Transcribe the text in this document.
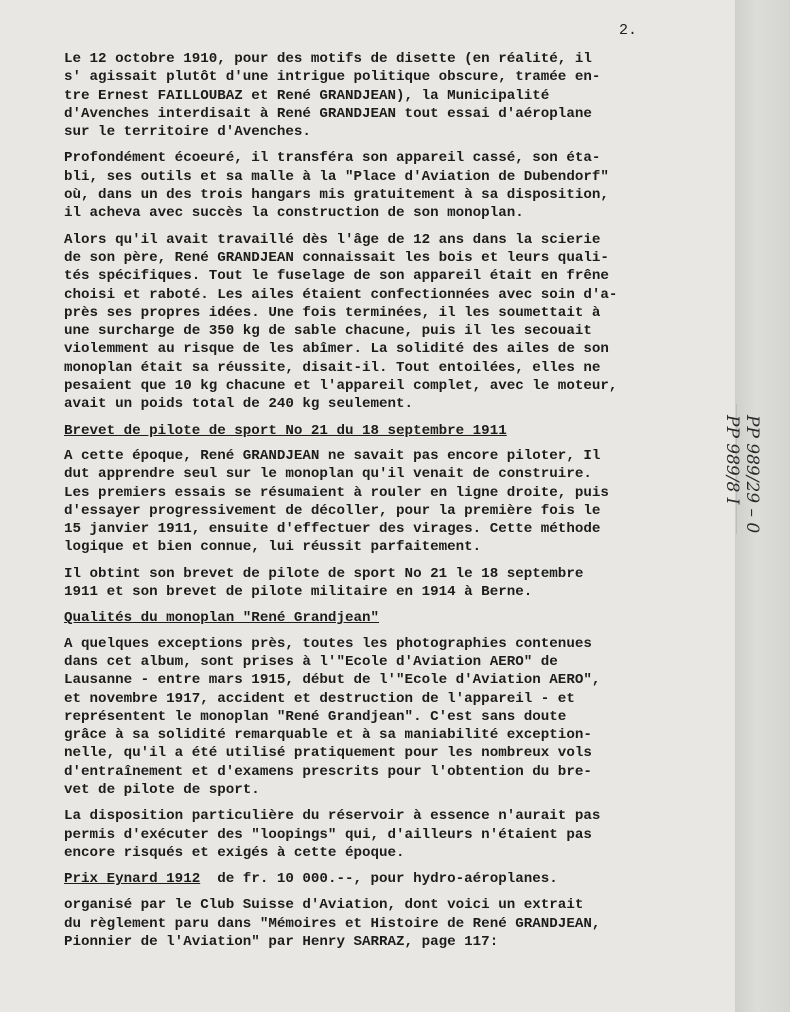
2.

Le 12 octobre 1910, pour des motifs de disette (en réalité, il
s' agissait plutôt d'une intrigue politique obscure, tramée en-
tre Ernest FAILLOUBAZ et René GRANDJEAN), la Municipalité
d'Avenches interdisait à René GRANDJEAN tout essai d'aéroplane
sur le territoire d'Avenches.

Profondément écoeuré, il transféra son appareil cassé, son éta-
bli, ses outils et sa malle à la "Place d'Aviation de Dubendorf"
où, dans un des trois hangars mis gratuitement à sa disposition,
il acheva avec succès la construction de son monoplan.

Alors qu'il avait travaillé dès l'âge de 12 ans dans la scierie
de son père, René GRANDJEAN connaissait les bois et leurs quali-
tés spécifiques. Tout le fuselage de son appareil était en frêne
choisi et raboté. Les ailes étaient confectionnées avec soin d'a-
près ses propres idées. Une fois terminées, il les soumettait à
une surcharge de 350 kg de sable chacune, puis il les secouait
violemment au risque de les abîmer. La solidité des ailes de son
monoplan était sa réussite, disait-il. Tout entoilées, elles ne
pesaient que 10 kg chacune et l'appareil complet, avec le moteur,
avait un poids total de 240 kg seulement.

Brevet de pilote de sport No 21 du 18 septembre 1911

A cette époque, René GRANDJEAN ne savait pas encore piloter, Il
dut apprendre seul sur le monoplan qu'il venait de construire.
Les premiers essais se résumaient à rouler en ligne droite, puis
d'essayer progressivement de décoller, pour la première fois le
15 janvier 1911, ensuite d'effectuer des virages. Cette méthode
logique et bien connue, lui réussit parfaitement.

Il obtint son brevet de pilote de sport No 21 le 18 septembre
1911 et son brevet de pilote militaire en 1914 à Berne.

Qualités du monoplan "René Grandjean"

A quelques exceptions près, toutes les photographies contenues
dans cet album, sont prises à l'"Ecole d'Aviation AERO" de
Lausanne - entre mars 1915, début de l'"Ecole d'Aviation AERO",
et novembre 1917, accident et destruction de l'appareil - et
représentent le monoplan "René Grandjean". C'est sans doute
grâce à sa solidité remarquable et à sa maniabilité exception-
nelle, qu'il a été utilisé pratiquement pour les nombreux vols
d'entraînement et d'examens prescrits pour l'obtention du bre-
vet de pilote de sport.

La disposition particulière du réservoir à essence n'aurait pas
permis d'exécuter des "loopings" qui, d'ailleurs n'étaient pas
encore risqués et exigés à cette époque.

Prix Eynard 1912  de fr. 10 000.--, pour hydro-aéroplanes.

organisé par le Club Suisse d'Aviation, dont voici un extrait
du règlement paru dans "Mémoires et Histoire de René GRANDJEAN,
Pionnier de l'Aviation" par Henry SARRAZ, page 117:

PP 989/29 – 0
PP 989/8 I
